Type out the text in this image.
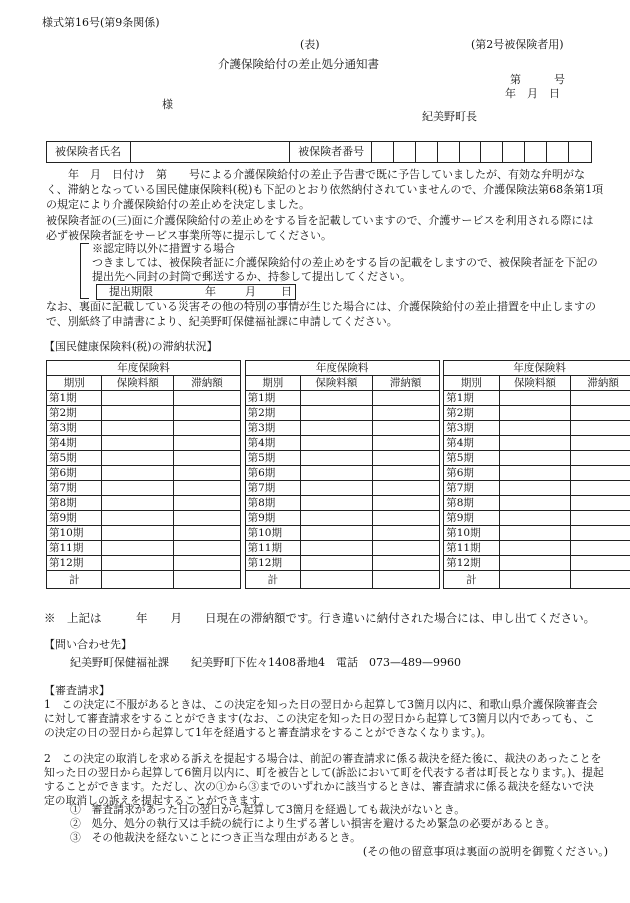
様式第16号(第9条関係)
(表)	(第2号被保険者用)
介護保険給付の差止処分通知書
第　　　号
年　月　日
様
紀美野町長
被保険者氏名	被保険者番号
　　年　月　日付け　第　　号による介護保険給付の差止予告書で既に予告していましたが、有効な弁明がなく、滞納となっている国民健康保険料(税)も下記のとおり依然納付されていませんので、介護保険法第68条第1項の規定により介護保険給付の差止めを決定しました。
被保険者証の(三)面に介護保険給付の差止めをする旨を記載していますので、介護サービスを利用される際には必ず被保険者証をサービス事業所等に提示してください。
※認定時以外に措置する場合
つきましては、被保険者証に介護保険給付の差止めをする旨の記載をしますので、被保険者証を下記の提出先へ同封の封筒で郵送するか、持参して提出してください。
提出期限	年	月 日
なお、裏面に記載している災害その他の特別の事情が生じた場合には、介護保険給付の差止措置を中止しますので、別紙終了申請書により、紀美野町保健福祉課に申請してください。
【国民健康保険料(税)の滞納状況】
年度保険料				年度保険料				年度保険料		
期別	保険料額	滞納額		期別	保険料額	滞納額		期別	保険料額	滞納額
第1期				第1期				第1期		
第2期				第2期				第2期		
第3期				第3期				第3期		
第4期				第4期				第4期		
第5期				第5期				第5期		
第6期				第6期				第6期		
第7期				第7期				第7期		
第8期				第8期				第8期		
第9期				第9期				第9期		
第10期				第10期				第10期		
第11期				第11期				第11期		
第12期				第12期				第12期		
計				計				計		
※　上記は　　　年　　月　　日現在の滞納額です。行き違いに納付された場合には、申し出てください。
【問い合わせ先】
紀美野町保健福祉課　　紀美野町下佐々1408番地4　電話　073—489—9960
【審査請求】
1　この決定に不服があるときは、この決定を知った日の翌日から起算して3箇月以内に、和歌山県介護保険審査会に対して審査請求をすることができます(なお、この決定を知った日の翌日から起算して3箇月以内であっても、この決定の日の翌日から起算して1年を経過すると審査請求をすることができなくなります。)。
2　この決定の取消しを求める訴えを提起する場合は、前記の審査請求に係る裁決を経た後に、裁決のあったことを知った日の翌日から起算して6箇月以内に、町を被告として(訴訟において町を代表する者は町長となります。)、提起することができます。ただし、次の①から③までのいずれかに該当するときは、審査請求に係る裁決を経ないで決定の取消しの訴えを提起することができます。
①　審査請求があった日の翌日から起算して3箇月を経過しても裁決がないとき。
②　処分、処分の執行又は手続の続行により生ずる著しい損害を避けるため緊急の必要があるとき。
③　その他裁決を経ないことにつき正当な理由があるとき。
(その他の留意事項は裏面の説明を御覧ください。)
